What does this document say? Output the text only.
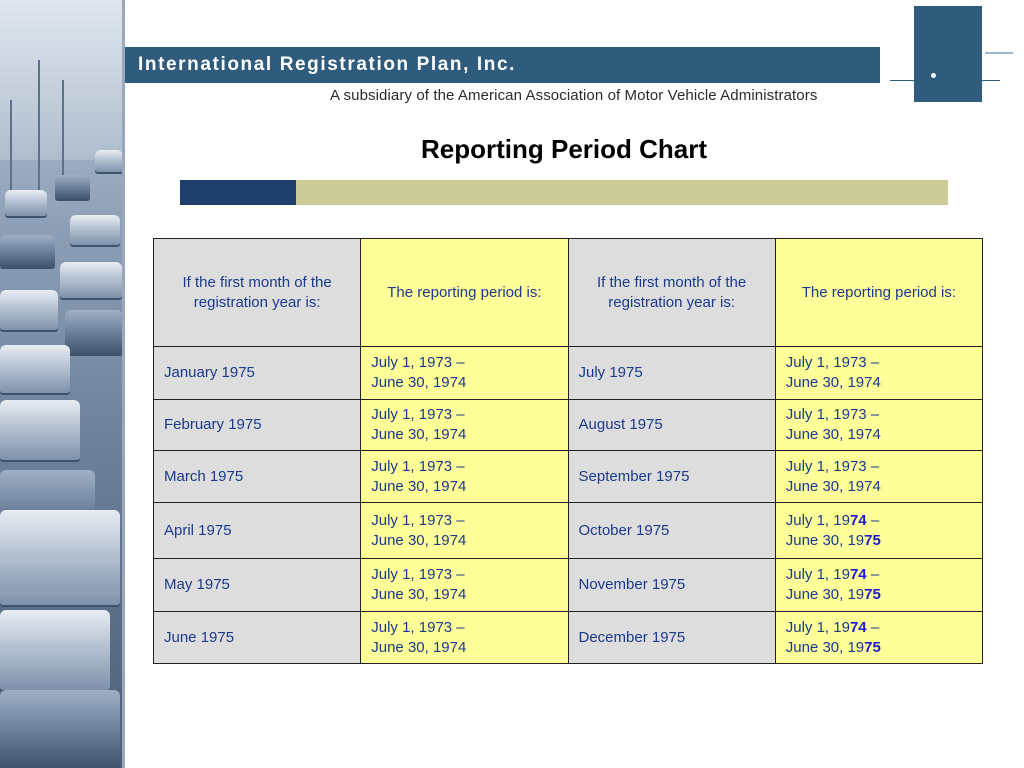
International Registration Plan, Inc.
A subsidiary of the American Association of Motor Vehicle Administrators
Reporting Period Chart
If the first month of the registration year is:	The reporting period is:	If the first month of the registration year is:	The reporting period is:
January 1975	July 1, 1973 –
June 30, 1974	July 1975	July 1, 1973 –
June 30, 1974
February 1975	July 1, 1973 –
June 30, 1974	August 1975	July 1, 1973 –
June 30, 1974
March 1975	July 1, 1973 –
June 30, 1974	September 1975	July 1, 1973 –
June 30, 1974
April 1975	July 1, 1973 –
June 30, 1974	October 1975	July 1, 1974 –
June 30, 1975
May 1975	July 1, 1973 –
June 30, 1974	November 1975	July 1, 1974 –
June 30, 1975
June 1975	July 1, 1973 –
June 30, 1974	December 1975	July 1, 1974 –
June 30, 1975
